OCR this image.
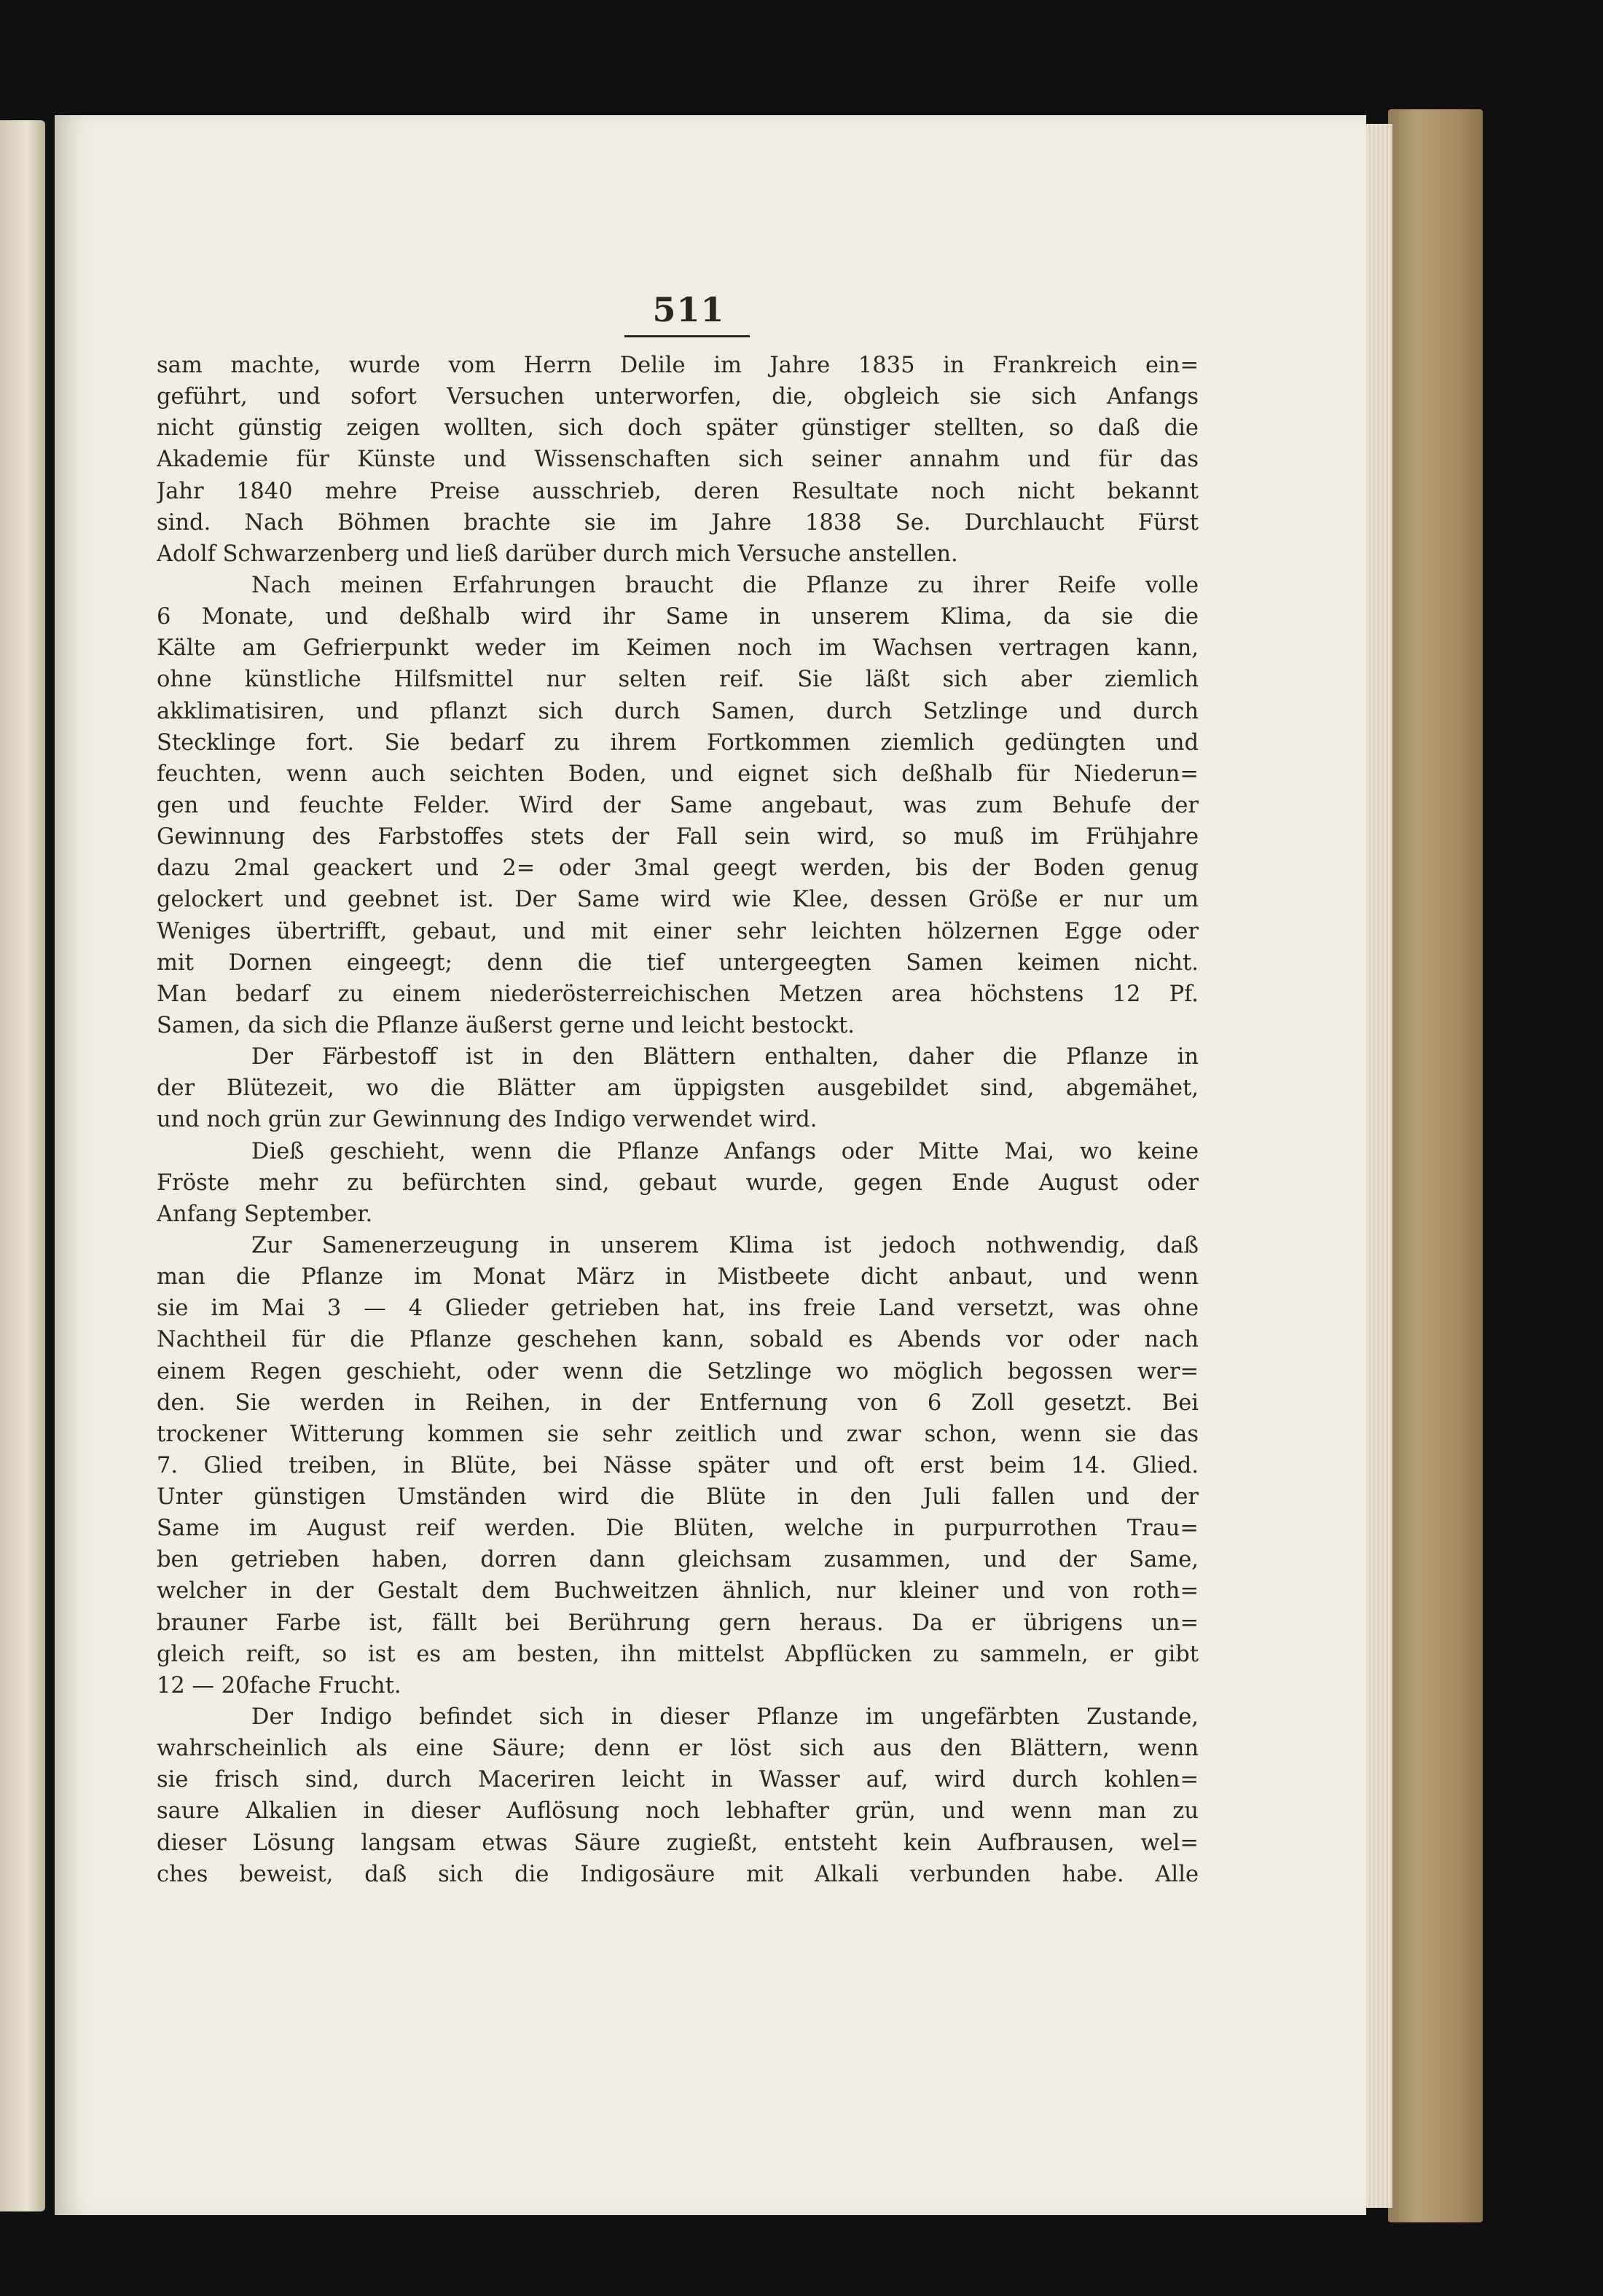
511
sam machte, wurde vom Herrn Delile im Jahre 1835 in Frankreich ein=
geführt, und sofort Versuchen unterworfen, die, obgleich sie sich Anfangs
nicht günstig zeigen wollten, sich doch später günstiger stellten, so daß die
Akademie für Künste und Wissenschaften sich seiner annahm und für das
Jahr 1840 mehre Preise ausschrieb, deren Resultate noch nicht bekannt
sind. Nach Böhmen brachte sie im Jahre 1838 Se. Durchlaucht Fürst
Adolf Schwarzenberg und ließ darüber durch mich Versuche anstellen.
Nach meinen Erfahrungen braucht die Pflanze zu ihrer Reife volle
6 Monate, und deßhalb wird ihr Same in unserem Klima, da sie die
Kälte am Gefrierpunkt weder im Keimen noch im Wachsen vertragen kann,
ohne künstliche Hilfsmittel nur selten reif. Sie läßt sich aber ziemlich
akklimatisiren, und pflanzt sich durch Samen, durch Setzlinge und durch
Stecklinge fort. Sie bedarf zu ihrem Fortkommen ziemlich gedüngten und
feuchten, wenn auch seichten Boden, und eignet sich deßhalb für Niederun=
gen und feuchte Felder. Wird der Same angebaut, was zum Behufe der
Gewinnung des Farbstoffes stets der Fall sein wird, so muß im Frühjahre
dazu 2mal geackert und 2= oder 3mal geegt werden, bis der Boden genug
gelockert und geebnet ist. Der Same wird wie Klee, dessen Größe er nur um
Weniges übertrifft, gebaut, und mit einer sehr leichten hölzernen Egge oder
mit Dornen eingeegt; denn die tief untergeegten Samen keimen nicht.
Man bedarf zu einem niederösterreichischen Metzen area höchstens 12 Pf.
Samen, da sich die Pflanze äußerst gerne und leicht bestockt.
Der Färbestoff ist in den Blättern enthalten, daher die Pflanze in
der Blütezeit, wo die Blätter am üppigsten ausgebildet sind, abgemähet,
und noch grün zur Gewinnung des Indigo verwendet wird.
Dieß geschieht, wenn die Pflanze Anfangs oder Mitte Mai, wo keine
Fröste mehr zu befürchten sind, gebaut wurde, gegen Ende August oder
Anfang September.
Zur Samenerzeugung in unserem Klima ist jedoch nothwendig, daß
man die Pflanze im Monat März in Mistbeete dicht anbaut, und wenn
sie im Mai 3 — 4 Glieder getrieben hat, ins freie Land versetzt, was ohne
Nachtheil für die Pflanze geschehen kann, sobald es Abends vor oder nach
einem Regen geschieht, oder wenn die Setzlinge wo möglich begossen wer=
den. Sie werden in Reihen, in der Entfernung von 6 Zoll gesetzt. Bei
trockener Witterung kommen sie sehr zeitlich und zwar schon, wenn sie das
7. Glied treiben, in Blüte, bei Nässe später und oft erst beim 14. Glied.
Unter günstigen Umständen wird die Blüte in den Juli fallen und der
Same im August reif werden. Die Blüten, welche in purpurrothen Trau=
ben getrieben haben, dorren dann gleichsam zusammen, und der Same,
welcher in der Gestalt dem Buchweitzen ähnlich, nur kleiner und von roth=
brauner Farbe ist, fällt bei Berührung gern heraus. Da er übrigens un=
gleich reift, so ist es am besten, ihn mittelst Abpflücken zu sammeln, er gibt
12 — 20fache Frucht.
Der Indigo befindet sich in dieser Pflanze im ungefärbten Zustande,
wahrscheinlich als eine Säure; denn er löst sich aus den Blättern, wenn
sie frisch sind, durch Maceriren leicht in Wasser auf, wird durch kohlen=
saure Alkalien in dieser Auflösung noch lebhafter grün, und wenn man zu
dieser Lösung langsam etwas Säure zugießt, entsteht kein Aufbrausen, wel=
ches beweist, daß sich die Indigosäure mit Alkali verbunden habe. Alle
